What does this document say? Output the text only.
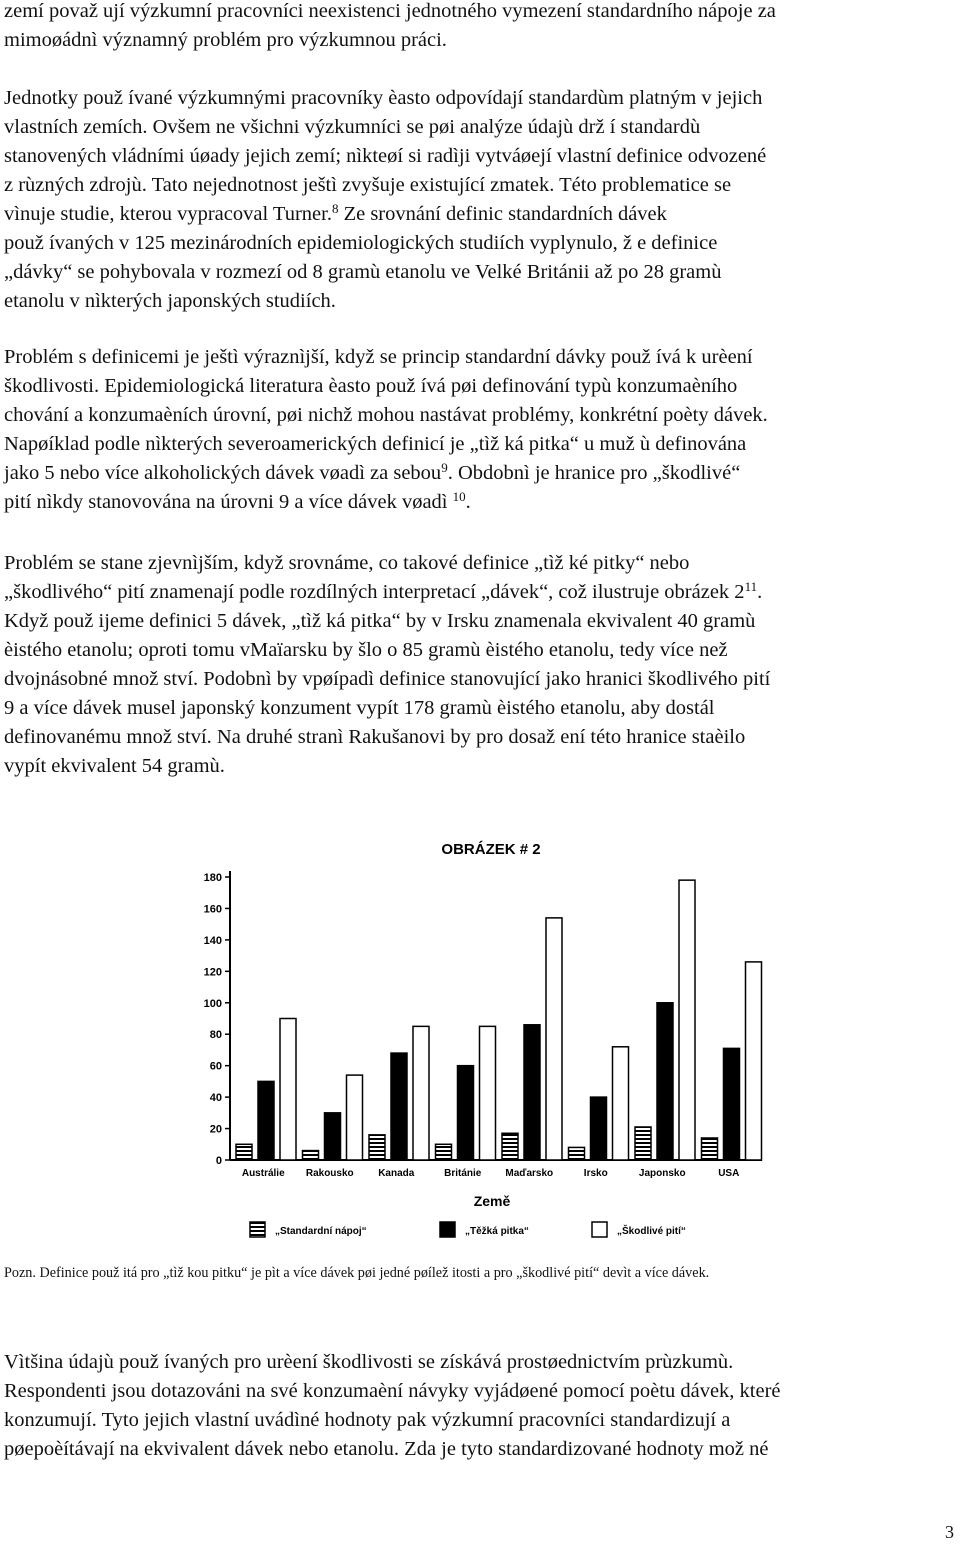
zemí považ ují výzkumní pracovníci neexistenci jednotného vymezení standardního nápoje za
mimoøádnì významný problém pro výzkumnou práci.
Jednotky použ ívané výzkumnými pracovníky èasto odpovídají standardùm platným v jejich
vlastních zemích. Ovšem ne všichni výzkumníci se pøi analýze údajù drž í standardù
stanovených vládními úøady jejich zemí; nìkteøí si radìji vytváøejí vlastní definice odvozené
z rùzných zdrojù. Tato nejednotnost ještì zvyšuje existující zmatek. Této problematice se
vìnuje studie, kterou vypracoval Turner.$^8$ Ze srovnání definic standardních dávek
použ ívaných v 125 mezinárodních epidemiologických studiích vyplynulo, ž e definice
„dávky“ se pohybovala v rozmezí od 8 gramù etanolu ve Velké Británii až po 28 gramù
etanolu v nìkterých japonských studiích.
Problém s definicemi je ještì výraznìjší, když se princip standardní dávky použ ívá k urèení
škodlivosti. Epidemiologická literatura èasto použ ívá pøi definování typù konzumaèního
chování a konzumaèních úrovní, pøi nichž mohou nastávat problémy, konkrétní poèty dávek.
Napøíklad podle nìkterých severoamerických definicí je „tìž ká pitka“ u muž ù definována
jako 5 nebo více alkoholických dávek vøadì za sebou$^9$. Obdobnì je hranice pro „škodlivé“
pití nìkdy stanovována na úrovni 9 a více dávek vøadì $^{10}$.
Problém se stane zjevnìjším, když srovnáme, co takové definice „tìž ké pitky“ nebo
„škodlivého“ pití znamenají podle rozdílných interpretací „dávek“, což ilustruje obrázek $2^{11}$.
Když použ ijeme definici 5 dávek, „tìž ká pitka“ by v Irsku znamenala ekvivalent 40 gramù
èistého etanolu; oproti tomu vMaïarsku by šlo o 85 gramù èistého etanolu, tedy více než
dvojnásobné množ ství. Podobnì by vpøípadì definice stanovující jako hranici škodlivého pití
9 a více dávek musel japonský konzument vypít 178 gramù èistého etanolu, aby dostál
definovanému množ ství. Na druhé stranì Rakušanovi by pro dosaž ení této hranice staèilo
vypít ekvivalent 54 gramù.
OBRÁZEK # 2
0
20
40
60
80
100
120
140
160
180
Austrálie Rakousko Kanada	Británie Maďarsko	Irsko	Japonsko	USA
Země
„Standardní nápoj“	„Těžká pitka“	„Škodlivé pití“
Pozn. Definice použ itá pro „tìž kou pitku“ je pìt a více dávek pøi jedné pøílež itosti a pro „škodlivé pití“ devìt a více dávek.
Vìtšina údajù použ ívaných pro urèení škodlivosti se získává prostøednictvím prùzkumù.
Respondenti jsou dotazováni na své konzumaèní návyky vyjádøené pomocí poètu dávek, které
konzumují. Tyto jejich vlastní uvádìné hodnoty pak výzkumní pracovníci standardizují a
pøepoèítávají na ekvivalent dávek nebo etanolu. Zda je tyto standardizované hodnoty mož né
3
